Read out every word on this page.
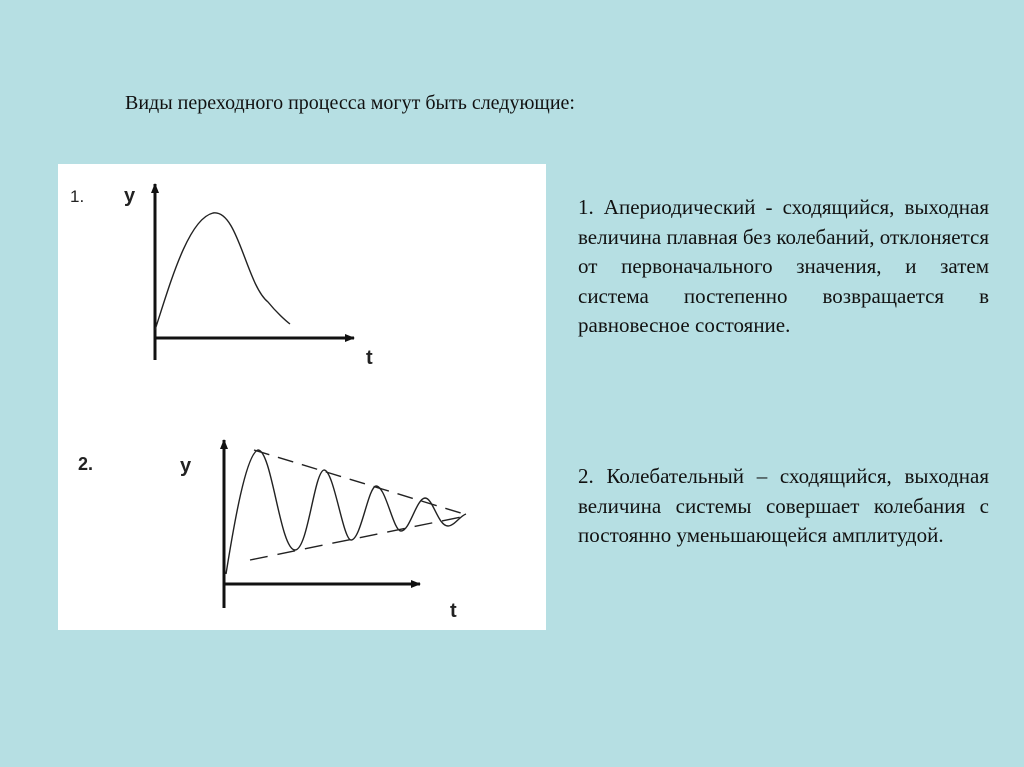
Виды переходного процесса могут быть следующие:
1. y
t
2.	y
t
1. Апериодический - сходящийся, выходная величина плавная без колебаний, отклоняется от первоначального значения, и затем система постепенно возвращается в равновесное состояние.
2. Колебательный – сходящийся, выходная величина системы совершает колебания с постоянно уменьшающейся амплитудой.
